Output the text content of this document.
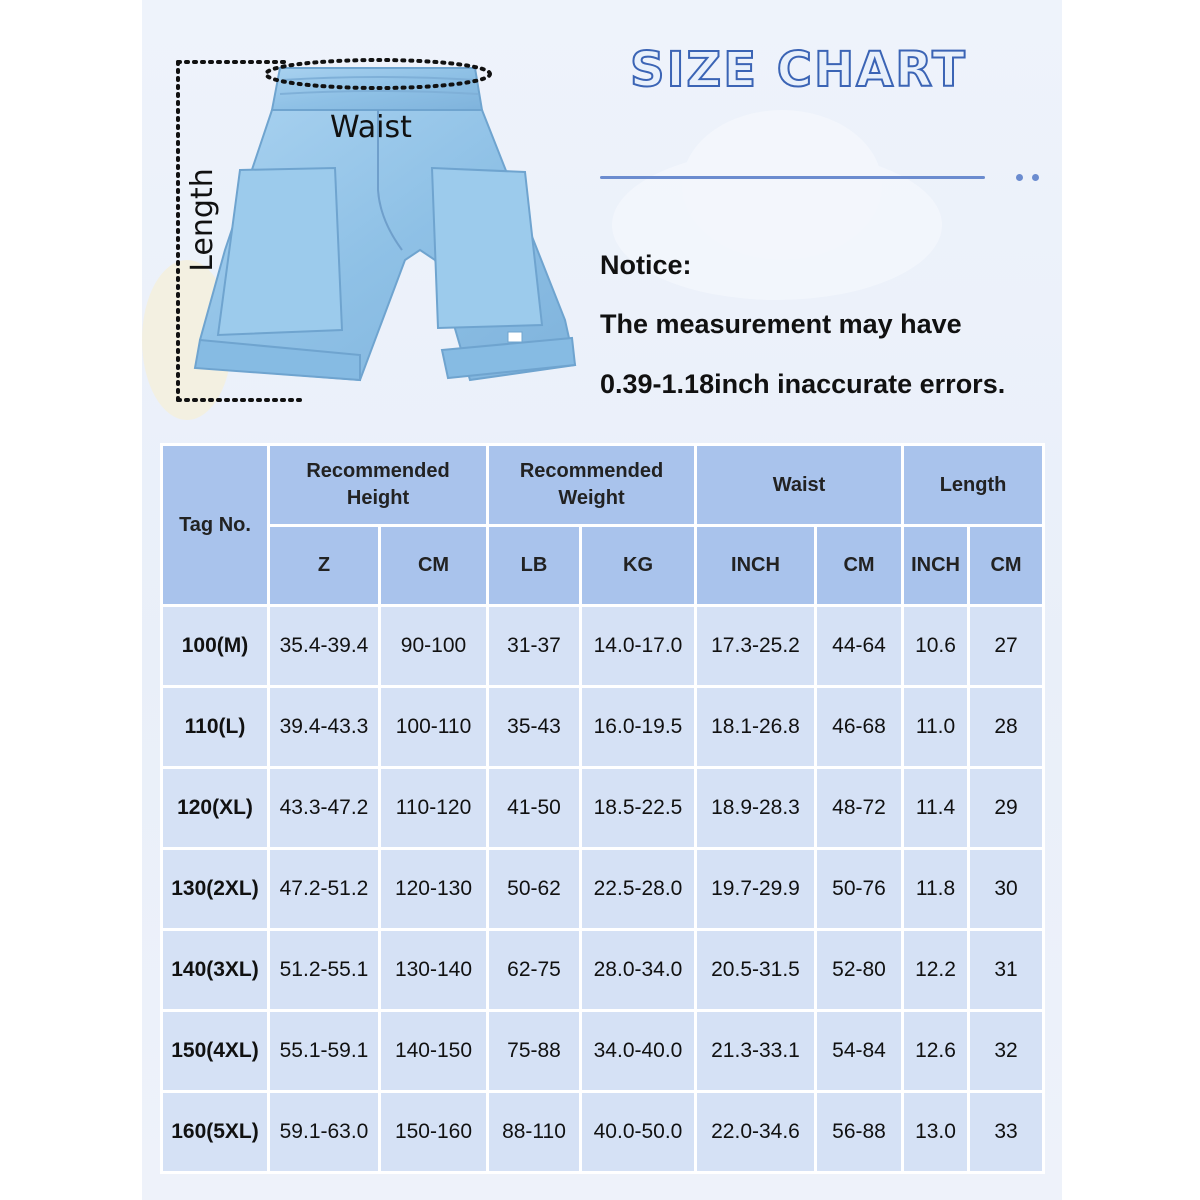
Waist
Length
SIZE CHART
Notice:
The measurement may have
0.39-1.18inch inaccurate errors.
Tag No.	Recommended Height		Recommended Weight		Waist		Length	
	Z	CM	LB	KG	INCH	CM	INCH	CM
100(M)	35.4-39.4	90-100	31-37	14.0-17.0	17.3-25.2	44-64	10.6	27
110(L)	39.4-43.3	100-110	35-43	16.0-19.5	18.1-26.8	46-68	11.0	28
120(XL)	43.3-47.2	110-120	41-50	18.5-22.5	18.9-28.3	48-72	11.4	29
130(2XL)	47.2-51.2	120-130	50-62	22.5-28.0	19.7-29.9	50-76	11.8	30
140(3XL)	51.2-55.1	130-140	62-75	28.0-34.0	20.5-31.5	52-80	12.2	31
150(4XL)	55.1-59.1	140-150	75-88	34.0-40.0	21.3-33.1	54-84	12.6	32
160(5XL)	59.1-63.0	150-160	88-110	40.0-50.0	22.0-34.6	56-88	13.0	33
